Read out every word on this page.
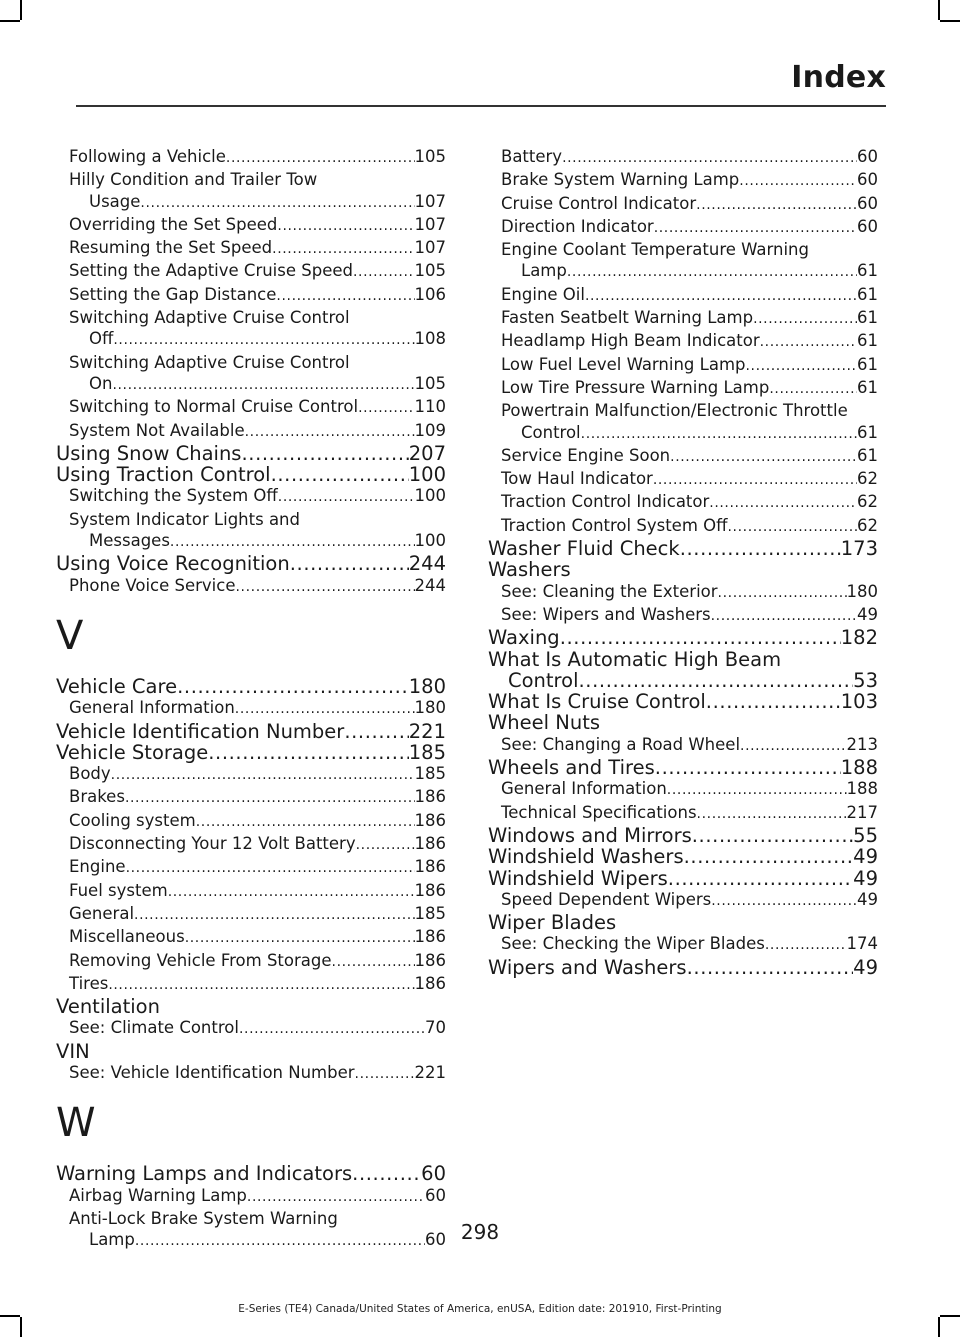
Index
Following a Vehicle .....	105
Hilly Condition and Trailer Tow
Usage .....	107
Overriding the Set Speed .....	107
Resuming the Set Speed .....	107
Setting the Adaptive Cruise Speed .....	105
Setting the Gap Distance .....	106
Switching Adaptive Cruise Control
Off .....	108
Switching Adaptive Cruise Control
On .....	105
Switching to Normal Cruise Control .....	110
System Not Available .....	109
Using Snow Chains .....	207
Using Traction Control .....	100
Switching the System Off .....	100
System Indicator Lights and
Messages .....	100
Using Voice Recognition .....	244
Phone Voice Service .....	244
V
Vehicle Care .....	180
General Information .....	180
Vehicle Identification Number .....	221
Vehicle Storage .....	185
Body .....	185
Brakes .....	186
Cooling system .....	186
Disconnecting Your 12 Volt Battery .....	186
Engine .....	186
Fuel system .....	186
General .....	185
Miscellaneous .....	186
Removing Vehicle From Storage .....	186
Tires .....	186
Ventilation
See: Climate Control .....	70
VIN
See: Vehicle Identification Number .....	221
W
Warning Lamps and Indicators .....	60
Airbag Warning Lamp .....	60
Anti-Lock Brake System Warning
Lamp .....	60
Battery .....	60
Brake System Warning Lamp .....	60
Cruise Control Indicator .....	60
Direction Indicator .....	60
Engine Coolant Temperature Warning
Lamp .....	61
Engine Oil .....	61
Fasten Seatbelt Warning Lamp .....	61
Headlamp High Beam Indicator .....	61
Low Fuel Level Warning Lamp .....	61
Low Tire Pressure Warning Lamp .....	61
Powertrain Malfunction/Electronic Throttle
Control .....	61
Service Engine Soon .....	61
Tow Haul Indicator .....	62
Traction Control Indicator .....	62
Traction Control System Off .....	62
Washer Fluid Check .....	173
Washers
See: Cleaning the Exterior .....	180
See: Wipers and Washers .....	49
Waxing .....	182
What Is Automatic High Beam
Control .....	53
What Is Cruise Control .....	103
Wheel Nuts
See: Changing a Road Wheel .....	213
Wheels and Tires .....	188
General Information .....	188
Technical Specifications .....	217
Windows and Mirrors .....	55
Windshield Washers .....	49
Windshield Wipers .....	49
Speed Dependent Wipers .....	49
Wiper Blades
See: Checking the Wiper Blades .....	174
Wipers and Washers .....	49
298
E-Series (TE4) Canada/United States of America, enUSA, Edition date: 201910, First-Printing
